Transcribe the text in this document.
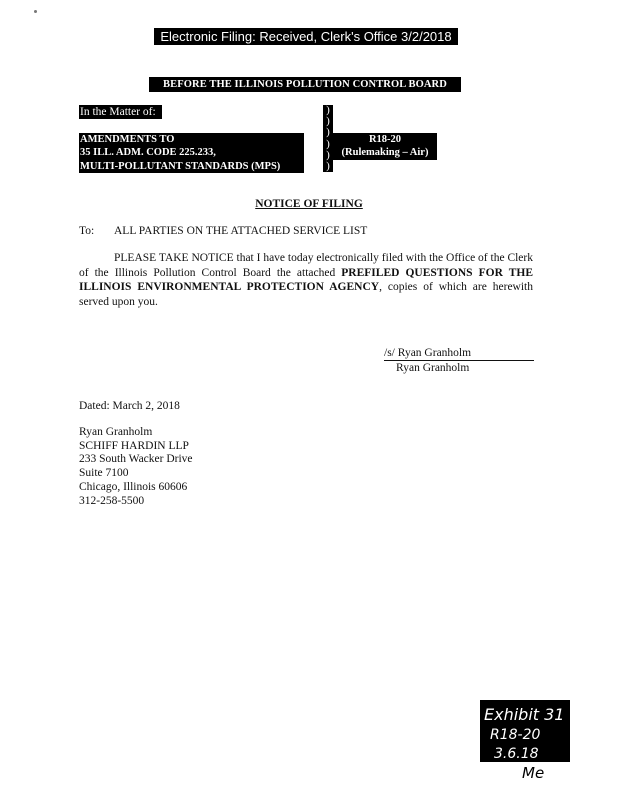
Electronic Filing: Received, Clerk's Office 3/2/2018
BEFORE THE ILLINOIS POLLUTION CONTROL BOARD
In the Matter of:
AMENDMENTS TO
35 ILL. ADM. CODE 225.233,
MULTI-POLLUTANT STANDARDS (MPS)
)
)
)
)
)
)
R18-20
(Rulemaking – Air)
NOTICE OF FILING
To: ALL PARTIES ON THE ATTACHED SERVICE LIST
PLEASE TAKE NOTICE that I have today electronically filed with the Office of the Clerk of the Illinois Pollution Control Board the attached PREFILED QUESTIONS FOR THE ILLINOIS ENVIRONMENTAL PROTECTION AGENCY, copies of which are herewith served upon you.
/s/ Ryan Granholm
Ryan Granholm
Dated: March 2, 2018
Ryan Granholm
SCHIFF HARDIN LLP
233 South Wacker Drive
Suite 7100
Chicago, Illinois 60606
312-258-5500
Exhibit 31
R18-20
3.6.18
Me
